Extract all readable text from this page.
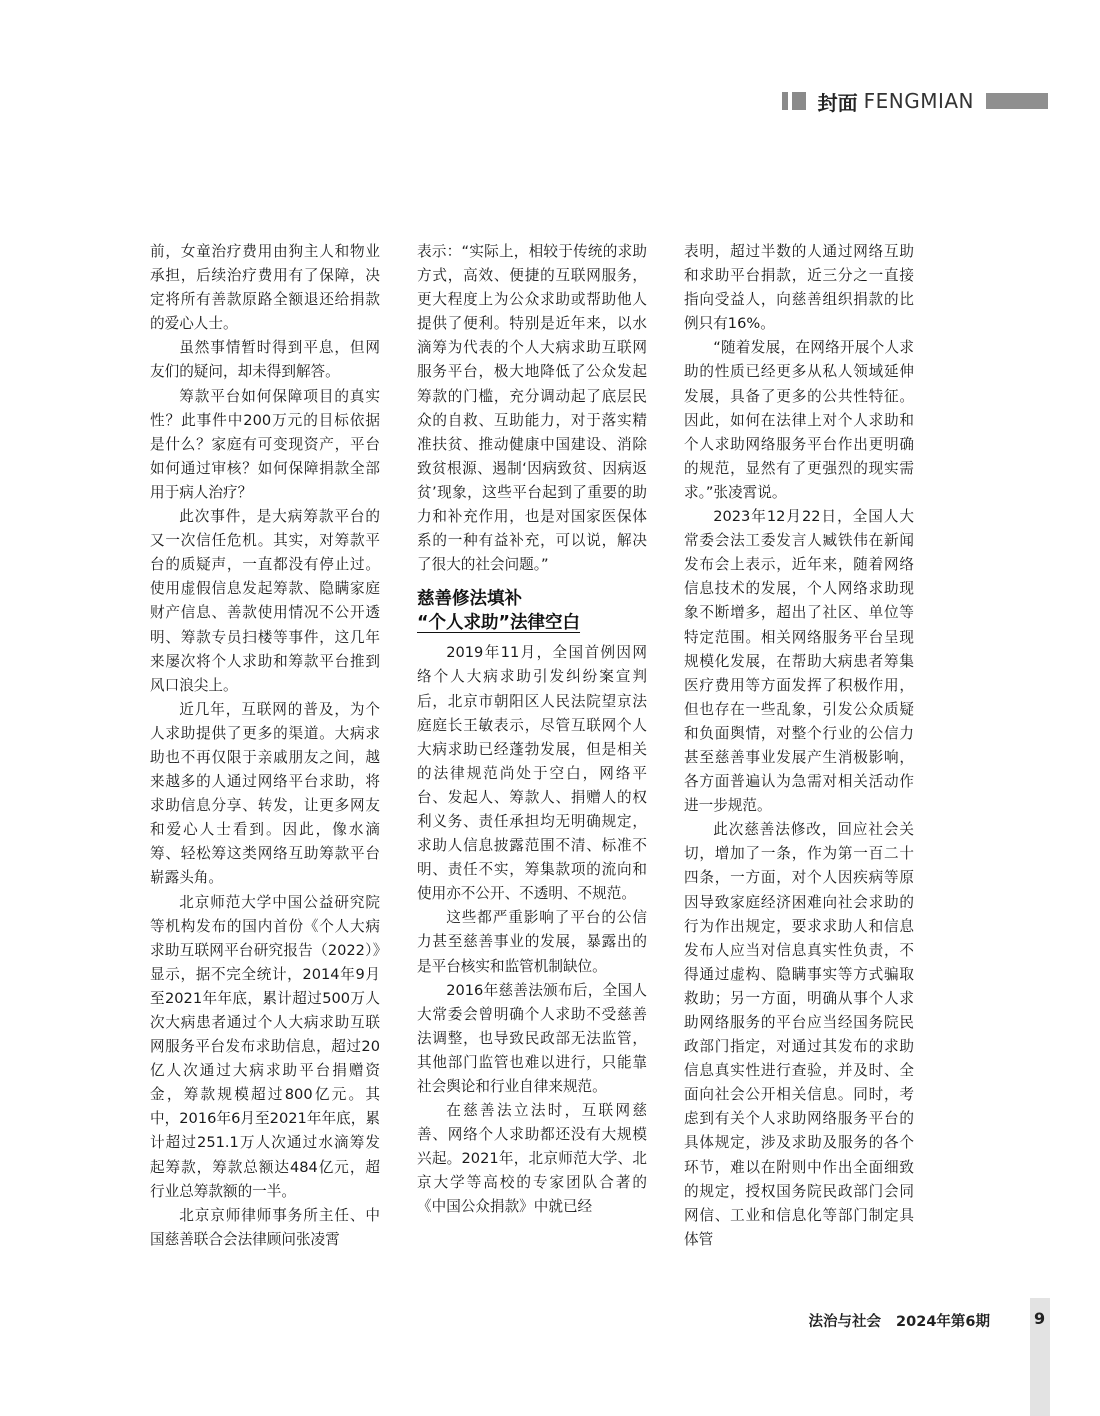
封面 FENGMIAN

前，女童治疗费用由狗主人和物业承担，后续治疗费用有了保障，决定将所有善款原路全额退还给捐款的爱心人士。

虽然事情暂时得到平息，但网友们的疑问，却未得到解答。

筹款平台如何保障项目的真实性？此事件中200万元的目标依据是什么？家庭有可变现资产，平台如何通过审核？如何保障捐款全部用于病人治疗？

此次事件，是大病筹款平台的又一次信任危机。其实，对筹款平台的质疑声，一直都没有停止过。使用虚假信息发起筹款、隐瞒家庭财产信息、善款使用情况不公开透明、筹款专员扫楼等事件，这几年来屡次将个人求助和筹款平台推到风口浪尖上。

近几年，互联网的普及，为个人求助提供了更多的渠道。大病求助也不再仅限于亲戚朋友之间，越来越多的人通过网络平台求助，将求助信息分享、转发，让更多网友和爱心人士看到。因此，像水滴筹、轻松筹这类网络互助筹款平台崭露头角。

北京师范大学中国公益研究院等机构发布的国内首份《个人大病求助互联网平台研究报告（2022）》显示，据不完全统计，2014年9月至2021年年底，累计超过500万人次大病患者通过个人大病求助互联网服务平台发布求助信息，超过20亿人次通过大病求助平台捐赠资金，筹款规模超过800亿元。其中，2016年6月至2021年年底，累计超过251.1万人次通过水滴筹发起筹款，筹款总额达484亿元，超行业总筹款额的一半。

北京京师律师事务所主任、中国慈善联合会法律顾问张凌霄

表示：“实际上，相较于传统的求助方式，高效、便捷的互联网服务，更大程度上为公众求助或帮助他人提供了便利。特别是近年来，以水滴筹为代表的个人大病求助互联网服务平台，极大地降低了公众发起筹款的门槛，充分调动起了底层民众的自救、互助能力，对于落实精准扶贫、推动健康中国建设、消除致贫根源、遏制‘因病致贫、因病返贫’现象，这些平台起到了重要的助力和补充作用，也是对国家医保体系的一种有益补充，可以说，解决了很大的社会问题。”

慈善修法填补
“个人求助”法律空白

2019年11月，全国首例因网络个人大病求助引发纠纷案宣判后，北京市朝阳区人民法院望京法庭庭长王敏表示，尽管互联网个人大病求助已经蓬勃发展，但是相关的法律规范尚处于空白，网络平台、发起人、筹款人、捐赠人的权利义务、责任承担均无明确规定，求助人信息披露范围不清、标准不明、责任不实，筹集款项的流向和使用亦不公开、不透明、不规范。

这些都严重影响了平台的公信力甚至慈善事业的发展，暴露出的是平台核实和监管机制缺位。

2016年慈善法颁布后，全国人大常委会曾明确个人求助不受慈善法调整，也导致民政部无法监管，其他部门监管也难以进行，只能靠社会舆论和行业自律来规范。

在慈善法立法时，互联网慈善、网络个人求助都还没有大规模兴起。2021年，北京师范大学、北京大学等高校的专家团队合著的《中国公众捐款》中就已经

表明，超过半数的人通过网络互助和求助平台捐款，近三分之一直接指向受益人，向慈善组织捐款的比例只有16%。

“随着发展，在网络开展个人求助的性质已经更多从私人领域延伸发展，具备了更多的公共性特征。因此，如何在法律上对个人求助和个人求助网络服务平台作出更明确的规范，显然有了更强烈的现实需求。”张凌霄说。

2023年12月22日，全国人大常委会法工委发言人臧铁伟在新闻发布会上表示，近年来，随着网络信息技术的发展，个人网络求助现象不断增多，超出了社区、单位等特定范围。相关网络服务平台呈现规模化发展，在帮助大病患者筹集医疗费用等方面发挥了积极作用，但也存在一些乱象，引发公众质疑和负面舆情，对整个行业的公信力甚至慈善事业发展产生消极影响，各方面普遍认为急需对相关活动作进一步规范。

此次慈善法修改，回应社会关切，增加了一条，作为第一百二十四条，一方面，对个人因疾病等原因导致家庭经济困难向社会求助的行为作出规定，要求求助人和信息发布人应当对信息真实性负责，不得通过虚构、隐瞒事实等方式骗取救助；另一方面，明确从事个人求助网络服务的平台应当经国务院民政部门指定，对通过其发布的求助信息真实性进行查验，并及时、全面向社会公开相关信息。同时，考虑到有关个人求助网络服务平台的具体规定，涉及求助及服务的各个环节，难以在附则中作出全面细致的规定，授权国务院民政部门会同网信、工业和信息化等部门制定具体管

法治与社会 2024年第6期	9
